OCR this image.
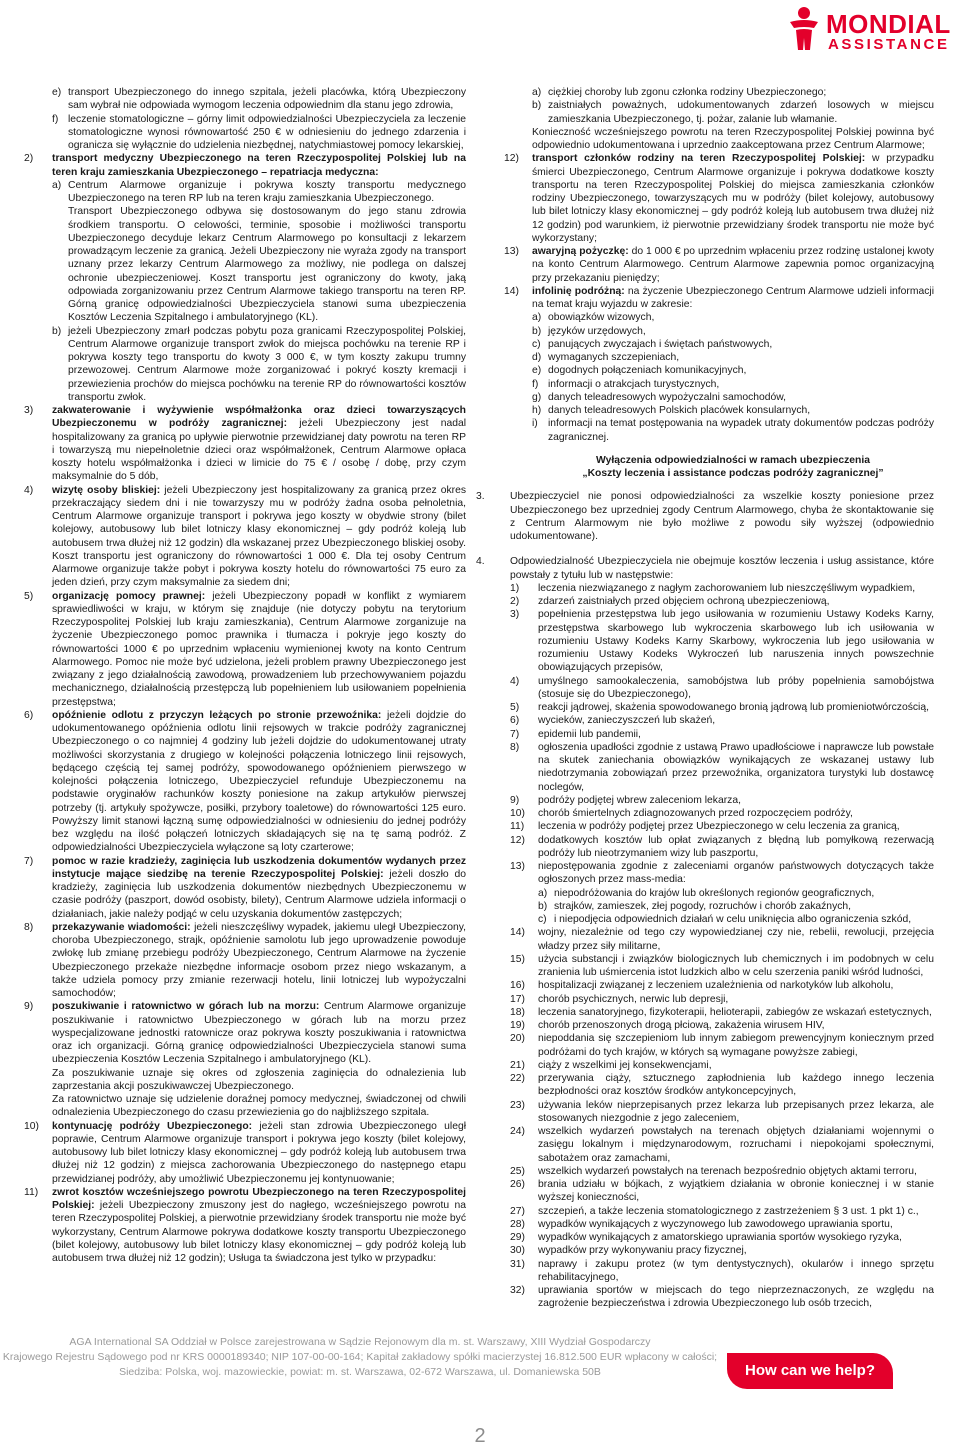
MONDIAL
ASSISTANCE
e) transport Ubezpieczonego do innego szpitala, jeżeli placówka, którą Ubezpieczony sam wybrał nie odpowiada wymogom leczenia odpowiednim dla stanu jego zdrowia,
f) leczenie stomatologiczne – górny limit odpowiedzialności Ubezpieczyciela za leczenie stomatologiczne wynosi równowartość 250 € w odniesieniu do jednego zdarzenia i ogranicza się wyłącznie do udzielenia niezbędnej, natychmiastowej pomocy lekarskiej,
2) transport medyczny Ubezpieczonego na teren Rzeczypospolitej Polskiej lub na teren kraju zamieszkania Ubezpieczonego – repatriacja medyczna:
a) Centrum Alarmowe organizuje i pokrywa koszty transportu medycznego Ubezpieczonego na teren RP lub na teren kraju zamieszkania Ubezpieczonego.
Transport Ubezpieczonego odbywa się dostosowanym do jego stanu zdrowia środkiem transportu. O celowości, terminie, sposobie i możliwości transportu Ubezpieczonego decyduje lekarz Centrum Alarmowego po konsultacji z lekarzem prowadzącym leczenie za granicą. Jeżeli Ubezpieczony nie wyraża zgody na transport uznany przez lekarzy Centrum Alarmowego za możliwy, nie podlega on dalszej ochronie ubezpieczeniowej. Koszt transportu jest ograniczony do kwoty, jaką odpowiada zorganizowaniu przez Centrum Alarmowe takiego transportu na teren RP. Górną granicę odpowiedzialności Ubezpieczyciela stanowi suma ubezpieczenia Kosztów Leczenia Szpitalnego i ambulatoryjnego (KL).
b) jeżeli Ubezpieczony zmarł podczas pobytu poza granicami Rzeczypospolitej Polskiej, Centrum Alarmowe organizuje transport zwłok do miejsca pochówku na terenie RP i pokrywa koszty tego transportu do kwoty 3 000 €, w tym koszty zakupu trumny przewozowej. Centrum Alarmowe może zorganizować i pokryć koszty kremacji i przewiezienia prochów do miejsca pochówku na terenie RP do równowartości kosztów transportu zwłok.
3) zakwaterowanie i wyżywienie współmałżonka oraz dzieci towarzyszących Ubezpieczonemu w podróży zagranicznej: jeżeli Ubezpieczony jest nadal hospitalizowany za granicą po upływie pierwotnie przewidzianej daty powrotu na teren RP i towarzyszą mu niepełnoletnie dzieci oraz współmałżonek, Centrum Alarmowe opłaca koszty hotelu współmałżonka i dzieci w limicie do 75 € / osobę / dobę, przy czym maksymalnie do 5 dób,
4) wizytę osoby bliskiej: jeżeli Ubezpieczony jest hospitalizowany za granicą przez okres przekraczający siedem dni i nie towarzyszy mu w podróży żadna osoba pełnoletnia, Centrum Alarmowe organizuje transport i pokrywa jego koszty w obydwie strony (bilet kolejowy, autobusowy lub bilet lotniczy klasy ekonomicznej – gdy podróż koleją lub autobusem trwa dłużej niż 12 godzin) dla wskazanej przez Ubezpieczonego bliskiej osoby. Koszt transportu jest ograniczony do równowartości 1 000 €. Dla tej osoby Centrum Alarmowe organizuje także pobyt i pokrywa koszty hotelu do równowartości 75 euro za jeden dzień, przy czym maksymalnie za siedem dni;
5) organizację pomocy prawnej: jeżeli Ubezpieczony popadł w konflikt z wymiarem sprawiedliwości w kraju, w którym się znajduje (nie dotyczy pobytu na terytorium Rzeczypospolitej Polskiej lub kraju zamieszkania), Centrum Alarmowe zorganizuje na życzenie Ubezpieczonego pomoc prawnika i tłumacza i pokryje jego koszty do równowartości 1000 € po uprzednim wpłaceniu wymienionej kwoty na konto Centrum Alarmowego. Pomoc nie może być udzielona, jeżeli problem prawny Ubezpieczonego jest związany z jego działalnością zawodową, prowadzeniem lub przechowywaniem pojazdu mechanicznego, działalnością przestępczą lub popełnieniem lub usiłowaniem popełnienia przestępstwa;
6) opóźnienie odlotu z przyczyn leżących po stronie przewoźnika: jeżeli dojdzie do udokumentowanego opóźnienia odlotu linii rejsowych w trakcie podróży zagranicznej Ubezpieczonego o co najmniej 4 godziny lub jeżeli dojdzie do udokumentowanej utraty możliwości skorzystania z drugiego w kolejności połączenia lotniczego linii rejsowych, będącego częścią tej samej podróży, spowodowanego opóźnieniem pierwszego w kolejności połączenia lotniczego, Ubezpieczyciel refunduje Ubezpieczonemu na podstawie oryginałów rachunków koszty poniesione na zakup artykułów pierwszej potrzeby (tj. artykuły spożywcze, posiłki, przybory toaletowe) do równowartości 125 euro. Powyższy limit stanowi łączną sumę odpowiedzialności w odniesieniu do jednej podróży bez względu na ilość połączeń lotniczych składających się na tę samą podróż. Z odpowiedzialności Ubezpieczyciela wyłączone są loty czarterowe;
7) pomoc w razie kradzieży, zaginięcia lub uszkodzenia dokumentów wydanych przez instytucje mające siedzibę na terenie Rzeczypospolitej Polskiej: jeżeli doszło do kradzieży, zaginięcia lub uszkodzenia dokumentów niezbędnych Ubezpieczonemu w czasie podróży (paszport, dowód osobisty, bilety), Centrum Alarmowe udziela informacji o działaniach, jakie należy podjąć w celu uzyskania dokumentów zastępczych;
8) przekazywanie wiadomości: jeżeli nieszczęśliwy wypadek, jakiemu uległ Ubezpieczony, choroba Ubezpieczonego, strajk, opóźnienie samolotu lub jego uprowadzenie powoduje zwłokę lub zmianę przebiegu podróży Ubezpieczonego, Centrum Alarmowe na życzenie Ubezpieczonego przekaże niezbędne informacje osobom przez niego wskazanym, a także udziela pomocy przy zmianie rezerwacji hotelu, linii lotniczej lub wypożyczalni samochodów;
9) poszukiwanie i ratownictwo w górach lub na morzu: Centrum Alarmowe organizuje poszukiwanie i ratownictwo Ubezpieczonego w górach lub na morzu przez wyspecjalizowane jednostki ratownicze oraz pokrywa koszty poszukiwania i ratownictwa oraz ich organizacji. Górną granicę odpowiedzialności Ubezpieczyciela stanowi suma ubezpieczenia Kosztów Leczenia Szpitalnego i ambulatoryjnego (KL).
Za poszukiwanie uznaje się okres od zgłoszenia zaginięcia do odnalezienia lub zaprzestania akcji poszukiwawczej Ubezpieczonego.
Za ratownictwo uznaje się udzielenie doraźnej pomocy medycznej, świadczonej od chwili odnalezienia Ubezpieczonego do czasu przewiezienia go do najbliższego szpitala.
10) kontynuację podróży Ubezpieczonego: jeżeli stan zdrowia Ubezpieczonego uległ poprawie, Centrum Alarmowe organizuje transport i pokrywa jego koszty (bilet kolejowy, autobusowy lub bilet lotniczy klasy ekonomicznej – gdy podróż koleją lub autobusem trwa dłużej niż 12 godzin) z miejsca zachorowania Ubezpieczonego do następnego etapu przewidzianej podróży, aby umożliwić Ubezpieczonemu jej kontynuowanie;
11) zwrot kosztów wcześniejszego powrotu Ubezpieczonego na teren Rzeczypospolitej Polskiej: jeżeli Ubezpieczony zmuszony jest do nagłego, wcześniejszego powrotu na teren Rzeczypospolitej Polskiej, a pierwotnie przewidziany środek transportu nie może być wykorzystany, Centrum Alarmowe pokrywa dodatkowe koszty transportu Ubezpieczonego (bilet kolejowy, autobusowy lub bilet lotniczy klasy ekonomicznej – gdy podróż koleją lub autobusem trwa dłużej niż 12 godzin); Usługa ta świadczona jest tylko w przypadku:
a) ciężkiej choroby lub zgonu członka rodziny Ubezpieczonego;
b) zaistniałych poważnych, udokumentowanych zdarzeń losowych w miejscu zamieszkania Ubezpieczonego, tj. pożar, zalanie lub włamanie.
Konieczność wcześniejszego powrotu na teren Rzeczypospolitej Polskiej powinna być odpowiednio udokumentowana i uprzednio zaakceptowana przez Centrum Alarmowe;
12) transport członków rodziny na teren Rzeczypospolitej Polskiej: w przypadku śmierci Ubezpieczonego, Centrum Alarmowe organizuje i pokrywa dodatkowe koszty transportu na teren Rzeczypospolitej Polskiej do miejsca zamieszkania członków rodziny Ubezpieczonego, towarzyszących mu w podróży (bilet kolejowy, autobusowy lub bilet lotniczy klasy ekonomicznej – gdy podróż koleją lub autobusem trwa dłużej niż 12 godzin) pod warunkiem, iż pierwotnie przewidziany środek transportu nie może być wykorzystany;
13) awaryjną pożyczkę: do 1 000 € po uprzednim wpłaceniu przez rodzinę ustalonej kwoty na konto Centrum Alarmowego. Centrum Alarmowe zapewnia pomoc organizacyjną przy przekazaniu pieniędzy;
14) infolinię podróżną: na życzenie Ubezpieczonego Centrum Alarmowe udzieli informacji na temat kraju wyjazdu w zakresie:
a) obowiązków wizowych,
b) języków urzędowych,
c) panujących zwyczajach i świętach państwowych,
d) wymaganych szczepieniach,
e) dogodnych połączeniach komunikacyjnych,
f) informacji o atrakcjach turystycznych,
g) danych teleadresowych wypożyczalni samochodów,
h) danych teleadresowych Polskich placówek konsularnych,
i) informacji na temat postępowania na wypadek utraty dokumentów podczas podróży zagranicznej.
Wyłączenia odpowiedzialności w ramach ubezpieczenia
„Koszty leczenia i assistance podczas podróży zagranicznej”
3. Ubezpieczyciel nie ponosi odpowiedzialności za wszelkie koszty poniesione przez Ubezpieczonego bez uprzedniej zgody Centrum Alarmowego, chyba że skontaktowanie się z Centrum Alarmowym nie było możliwe z powodu siły wyższej (odpowiednio udokumentowane).
4. Odpowiedzialność Ubezpieczyciela nie obejmuje kosztów leczenia i usług assistance, które powstały z tytułu lub w następstwie:
1) leczenia niezwiązanego z nagłym zachorowaniem lub nieszczęśliwym wypadkiem,
2) zdarzeń zaistniałych przed objęciem ochroną ubezpieczeniową,
3) popełnienia przestępstwa lub jego usiłowania w rozumieniu Ustawy Kodeks Karny, przestępstwa skarbowego lub wykroczenia skarbowego lub ich usiłowania w rozumieniu Ustawy Kodeks Karny Skarbowy, wykroczenia lub jego usiłowania w rozumieniu Ustawy Kodeks Wykroczeń lub naruszenia innych powszechnie obowiązujących przepisów,
4) umyślnego samookaleczenia, samobójstwa lub próby popełnienia samobójstwa (stosuje się do Ubezpieczonego),
5) reakcji jądrowej, skażenia spowodowanego bronią jądrową lub promieniotwórczością,
6) wycieków, zanieczyszczeń lub skażeń,
7) epidemii lub pandemii,
8) ogłoszenia upadłości zgodnie z ustawą Prawo upadłościowe i naprawcze lub powstałe na skutek zaniechania obowiązków wynikających ze wskazanej ustawy lub niedotrzymania zobowiązań przez przewoźnika, organizatora turystyki lub dostawcę noclegów,
9) podróży podjętej wbrew zaleceniom lekarza,
10) chorób śmiertelnych zdiagnozowanych przed rozpoczęciem podróży,
11) leczenia w podróży podjętej przez Ubezpieczonego w celu leczenia za granicą,
12) dodatkowych kosztów lub opłat związanych z błędną lub pomyłkową rezerwacją podróży lub nieotrzymaniem wizy lub paszportu,
13) niepostępowania zgodnie z zaleceniami organów państwowych dotyczących także ogłoszonych przez mass-media:
a) niepodróżowania do krajów lub określonych regionów geograficznych,
b) strajków, zamieszek, złej pogody, rozruchów i chorób zakaźnych,
c) i niepodjęcia odpowiednich działań w celu uniknięcia albo ograniczenia szkód,
14) wojny, niezależnie od tego czy wypowiedzianej czy nie, rebelii, rewolucji, przejęcia władzy przez siły militarne,
15) użycia substancji i związków biologicznych lub chemicznych i im podobnych w celu zranienia lub uśmiercenia istot ludzkich albo w celu szerzenia paniki wśród ludności,
16) hospitalizacji związanej z leczeniem uzależnienia od narkotyków lub alkoholu,
17) chorób psychicznych, nerwic lub depresji,
18) leczenia sanatoryjnego, fizykoterapii, helioterapii, zabiegów ze wskazań estetycznych,
19) chorób przenoszonych drogą płciową, zakażenia wirusem HIV,
20) niepoddania się szczepieniom lub innym zabiegom prewencyjnym koniecznym przed podróżami do tych krajów, w których są wymagane powyższe zabiegi,
21) ciąży z wszelkimi jej konsekwencjami,
22) przerywania ciąży, sztucznego zapłodnienia lub każdego innego leczenia bezpłodności oraz kosztów środków antykoncepcyjnych,
23) używania leków nieprzepisanych przez lekarza lub przepisanych przez lekarza, ale stosowanych niezgodnie z jego zaleceniem,
24) wszelkich wydarzeń powstałych na terenach objętych działaniami wojennymi o zasięgu lokalnym i międzynarodowym, rozruchami i niepokojami społecznymi, sabotażem oraz zamachami,
25) wszelkich wydarzeń powstałych na terenach bezpośrednio objętych aktami terroru,
26) brania udziału w bójkach, z wyjątkiem działania w obronie koniecznej i w stanie wyższej konieczności,
27) szczepień, a także leczenia stomatologicznego z zastrzeżeniem § 3 ust. 1 pkt 1) c.,
28) wypadków wynikających z wyczynowego lub zawodowego uprawiania sportu,
29) wypadków wynikających z amatorskiego uprawiania sportów wysokiego ryzyka,
30) wypadków przy wykonywaniu pracy fizycznej,
31) naprawy i zakupu protez (w tym dentystycznych), okularów i innego sprzętu rehabilitacyjnego,
32) uprawiania sportów w miejscach do tego nieprzeznaczonych, ze względu na zagrożenie bezpieczeństwa i zdrowia Ubezpieczonego lub osób trzecich,
AGA International SA Oddział w Polsce zarejestrowana w Sądzie Rejonowym dla m. st. Warszawy, XIII Wydział Gospodarczy
Krajowego Rejestru Sądowego pod nr KRS 0000189340; NIP 107-00-00-164; Kapitał zakładowy spółki macierzystej 16.812.500 EUR wpłacony w całości;
Siedziba: Polska, woj. mazowieckie, powiat: m. st. Warszawa, 02-672 Warszawa, ul. Domaniewska 50B	How can we help?
2
